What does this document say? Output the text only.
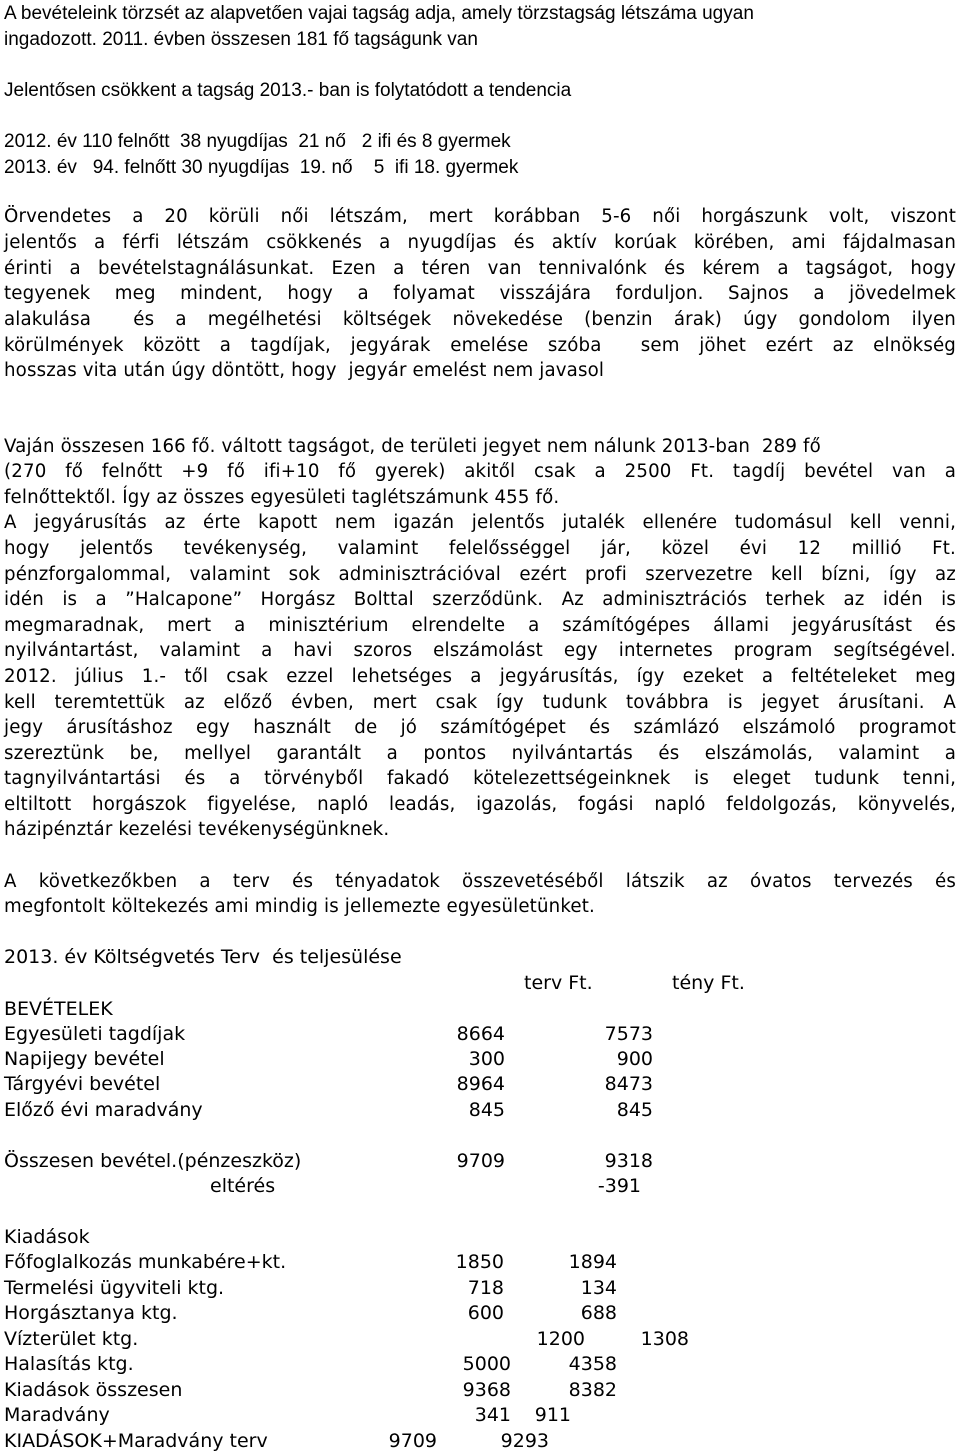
A bevételeink törzsét az alapvetően vajai tagság adja, amely törzstagság létszáma ugyan
ingadozott. 2011. évben összesen 181 fő tagságunk van
Jelentősen csökkent a tagság 2013.- ban is folytatódott a tendencia
2012. év 110 felnőtt  38 nyugdíjas  21 nő   2 ifi és 8 gyermek
2013. év   94. felnőtt 30 nyugdíjas  19. nő    5  ifi 18. gyermek
Örvendetes a 20 körüli női létszám, mert korábban 5-6 női horgászunk volt, viszont
jelentős a férfi létszám csökkenés a nyugdíjas és aktív korúak körében, ami fájdalmasan
érinti a bevételstagnálásunkat. Ezen a téren van tennivalónk és kérem a tagságot, hogy
tegyenek meg mindent, hogy a folyamat visszájára forduljon. Sajnos a jövedelmek
alakulása  és a megélhetési költségek növekedése (benzin árak) úgy gondolom ilyen
körülmények között a tagdíjak, jegyárak emelése szóba  sem jöhet ezért az elnökség
hosszas vita után úgy döntött, hogy  jegyár emelést nem javasol
Vaján összesen 166 fő. váltott tagságot, de területi jegyet nem nálunk 2013-ban  289 fő
(270 fő felnőtt +9 fő ifi+10 fő gyerek) akitől csak a 2500 Ft. tagdíj bevétel van a
felnőttektől. Így az összes egyesületi taglétszámunk 455 fő.
A jegyárusítás az érte kapott nem igazán jelentős jutalék ellenére tudomásul kell venni,
hogy jelentős tevékenység, valamint felelősséggel jár, közel évi 12 millió Ft.
pénzforgalommal, valamint sok adminisztrációval ezért profi szervezetre kell bízni, így az
idén is a ”Halcapone” Horgász Bolttal szerződünk. Az adminisztrációs terhek az idén is
megmaradnak, mert a minisztérium elrendelte a számítógépes állami jegyárusítást és
nyilvántartást, valamint a havi szoros elszámolást egy internetes program segítségével.
2012. július 1.- től csak ezzel lehetséges a jegyárusítás, így ezeket a feltételeket meg
kell teremtettük az előző évben, mert csak így tudunk továbbra is jegyet árusítani. A
jegy árusításhoz egy használt de jó számítógépet és számlázó elszámoló programot
szereztünk be, mellyel garantált a pontos nyilvántartás és elszámolás, valamint a
tagnyilvántartási és a törvényből fakadó kötelezettségeinknek is eleget tudunk tenni,
eltiltott horgászok figyelése, napló leadás, igazolás, fogási napló feldolgozás, könyvelés,
házipénztár kezelési tevékenységünknek.
A következőkben a terv és tényadatok összevetéséből látszik az óvatos tervezés és
megfontolt költekezés ami mindig is jellemezte egyesületünket.
2013. év Költségvetés Terv  és teljesülése
terv Ft.	tény Ft.
BEVÉTELEK
Egyesületi tagdíjak	8664	7573
Napijegy bevétel	300	900
Tárgyévi bevétel	8964	8473
Előző évi maradvány	845	845
Összesen bevétel.(pénzeszköz)	9709	9318
eltérés	-391
Kiadások
Főfoglalkozás munkabére+kt.	1850	1894
Termelési ügyviteli ktg.	718	134
Horgásztanya ktg.	600	688
Vízterület ktg.	1200	1308
Halasítás ktg.	5000	4358
Kiadások összesen	9368	8382
Maradvány	341 911
KIADÁSOK+Maradvány terv	9709	9293
